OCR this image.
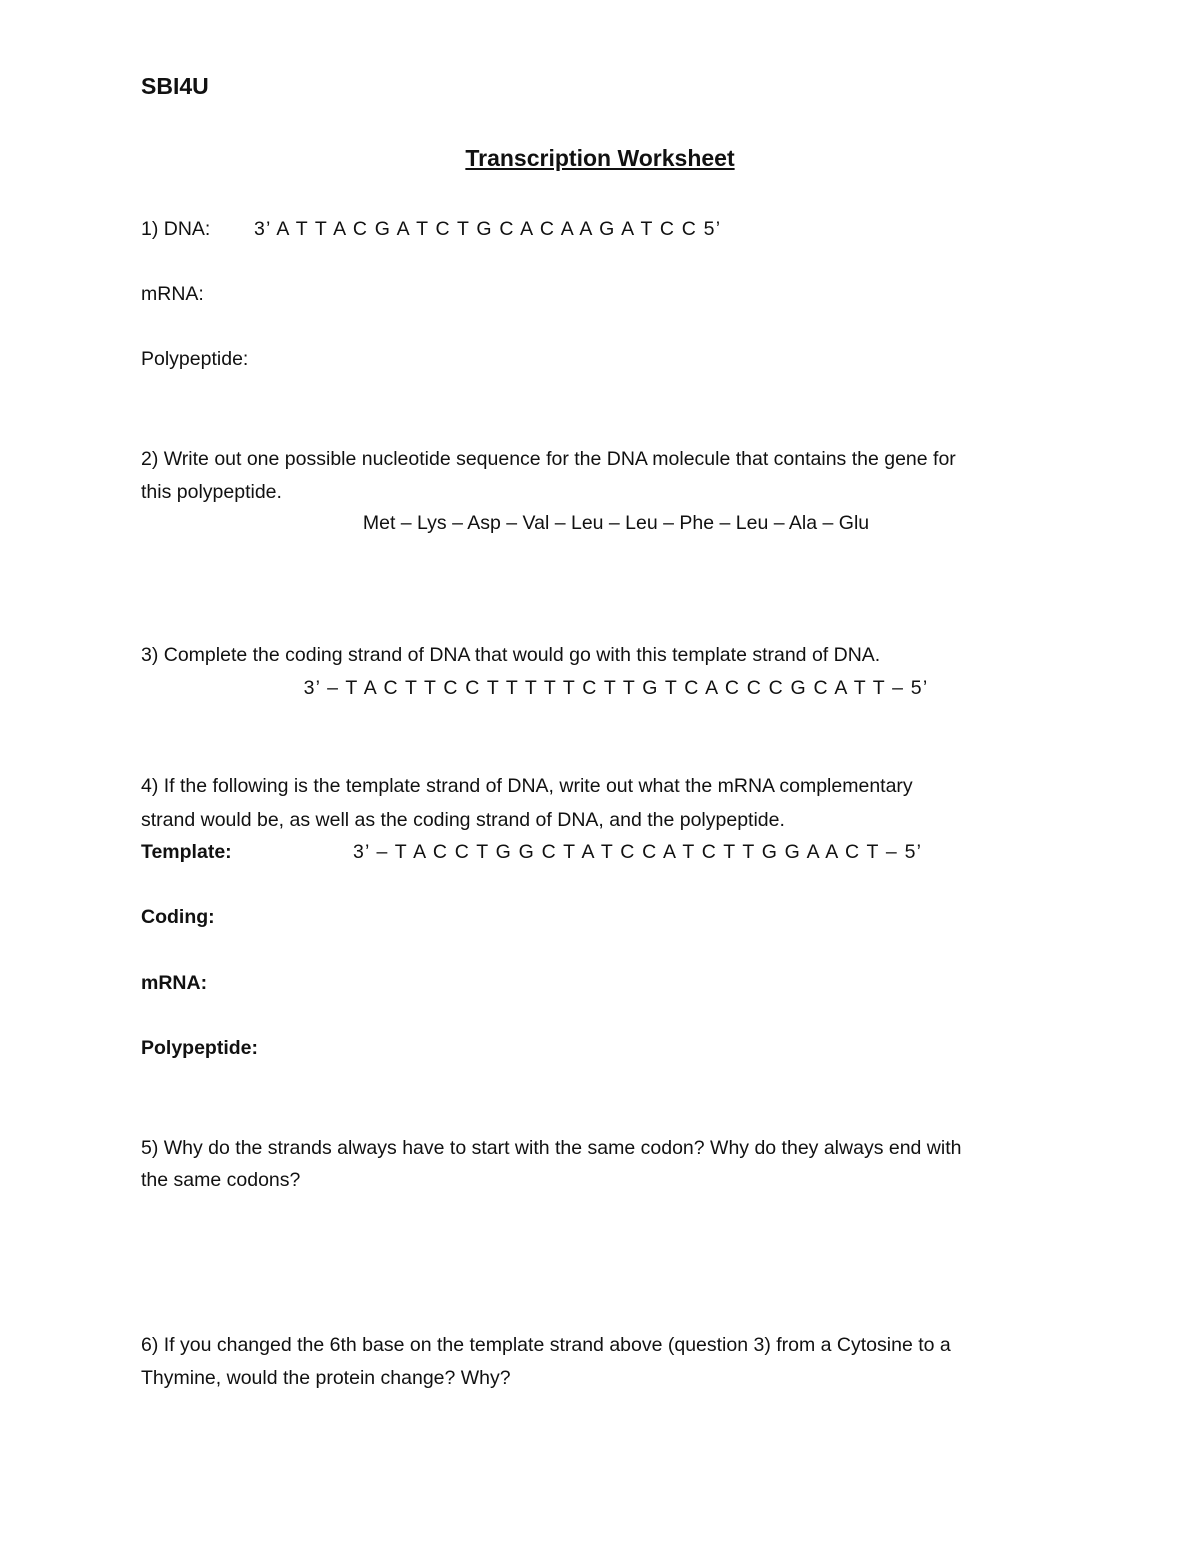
SBI4U
Transcription Worksheet
1) DNA: 3’ A T T A C G A T C T G C A C A A G A T C C 5’
mRNA:
Polypeptide:
2) Write out one possible nucleotide sequence for the DNA molecule that contains the gene for
this polypeptide.
Met – Lys – Asp – Val – Leu – Leu – Phe – Leu – Ala – Glu
3) Complete the coding strand of DNA that would go with this template strand of DNA.
3’ – T A C T T C C T T T T T C T T G T C A C C C G C A T T – 5’
4) If the following is the template strand of DNA, write out what the mRNA complementary
strand would be, as well as the coding strand of DNA, and the polypeptide.
Template:	3’ – T A C C T G G C T A T C C A T C T T G G A A C T – 5’
Coding:
mRNA:
Polypeptide:
5) Why do the strands always have to start with the same codon? Why do they always end with
the same codons?
6) If you changed the 6th base on the template strand above (question 3) from a Cytosine to a
Thymine, would the protein change? Why?
